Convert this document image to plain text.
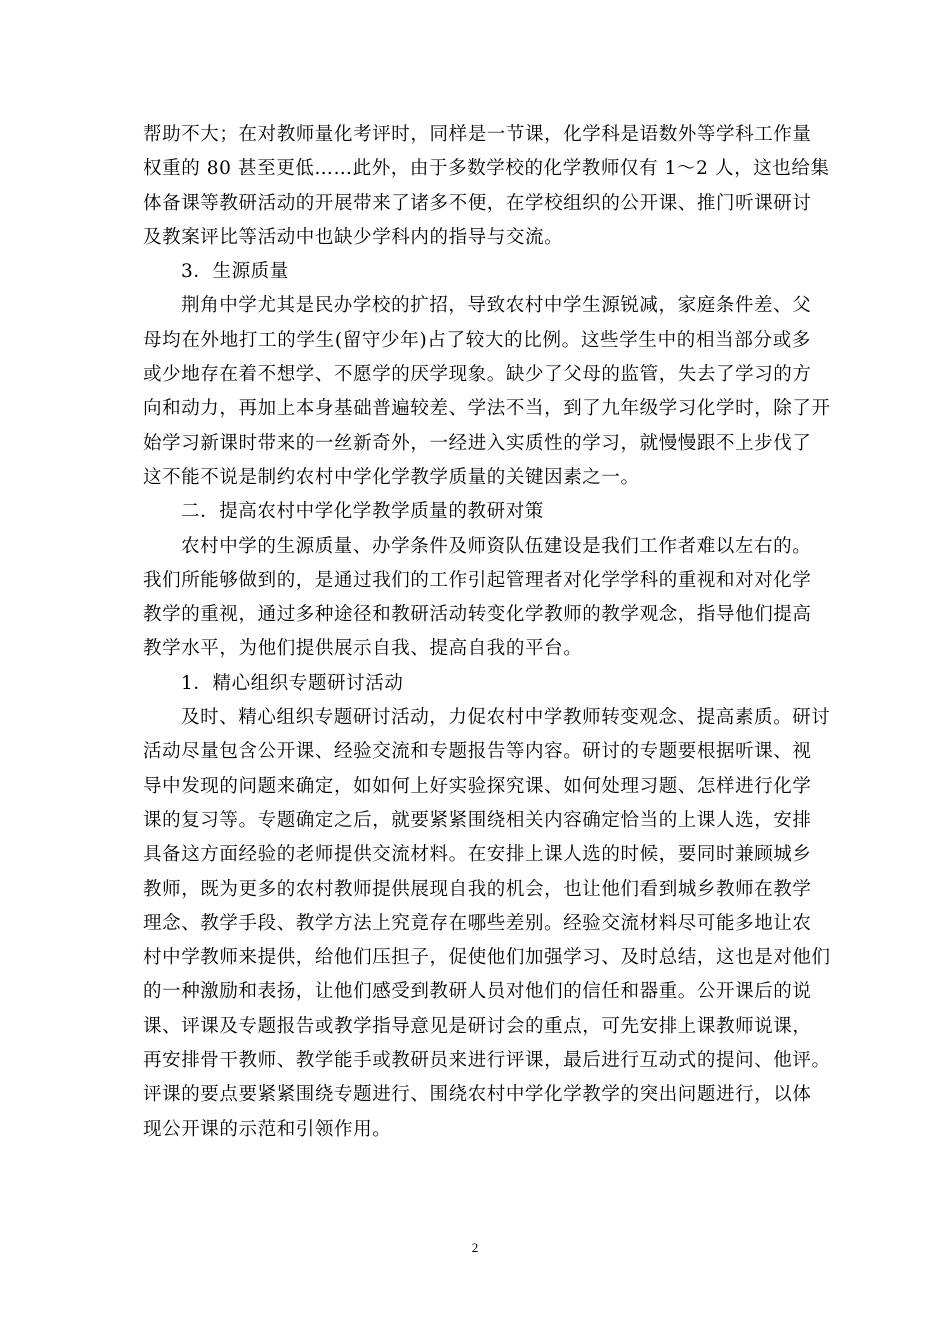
帮助不大；在对教师量化考评时，同样是一节课，化学科是语数外等学科工作量
权重的 80 甚至更低……此外，由于多数学校的化学教师仅有 1～2 人，这也给集
体备课等教研活动的开展带来了诸多不便，在学校组织的公开课、推门听课研讨
及教案评比等活动中也缺少学科内的指导与交流。
3．生源质量
荆角中学尤其是民办学校的扩招，导致农村中学生源锐减，家庭条件差、父
母均在外地打工的学生(留守少年)占了较大的比例。这些学生中的相当部分或多
或少地存在着不想学、不愿学的厌学现象。缺少了父母的监管，失去了学习的方
向和动力，再加上本身基础普遍较差、学法不当，到了九年级学习化学时，除了开
始学习新课时带来的一丝新奇外，一经进入实质性的学习，就慢慢跟不上步伐了
这不能不说是制约农村中学化学教学质量的关键因素之一。
二．提高农村中学化学教学质量的教研对策
农村中学的生源质量、办学条件及师资队伍建设是我们工作者难以左右的。
我们所能够做到的，是通过我们的工作引起管理者对化学学科的重视和对对化学
教学的重视，通过多种途径和教研活动转变化学教师的教学观念，指导他们提高
教学水平，为他们提供展示自我、提高自我的平台。
1．精心组织专题研讨活动
及时、精心组织专题研讨活动，力促农村中学教师转变观念、提高素质。研讨
活动尽量包含公开课、经验交流和专题报告等内容。研讨的专题要根据听课、视
导中发现的问题来确定，如如何上好实验探究课、如何处理习题、怎样进行化学
课的复习等。专题确定之后，就要紧紧围绕相关内容确定恰当的上课人选，安排
具备这方面经验的老师提供交流材料。在安排上课人选的时候，要同时兼顾城乡
教师，既为更多的农村教师提供展现自我的机会，也让他们看到城乡教师在教学
理念、教学手段、教学方法上究竟存在哪些差别。经验交流材料尽可能多地让农
村中学教师来提供，给他们压担子，促使他们加强学习、及时总结，这也是对他们
的一种激励和表扬，让他们感受到教研人员对他们的信任和器重。公开课后的说
课、评课及专题报告或教学指导意见是研讨会的重点，可先安排上课教师说课，
再安排骨干教师、教学能手或教研员来进行评课，最后进行互动式的提问、他评。
评课的要点要紧紧围绕专题进行、围绕农村中学化学教学的突出问题进行，以体
现公开课的示范和引领作用。
2
